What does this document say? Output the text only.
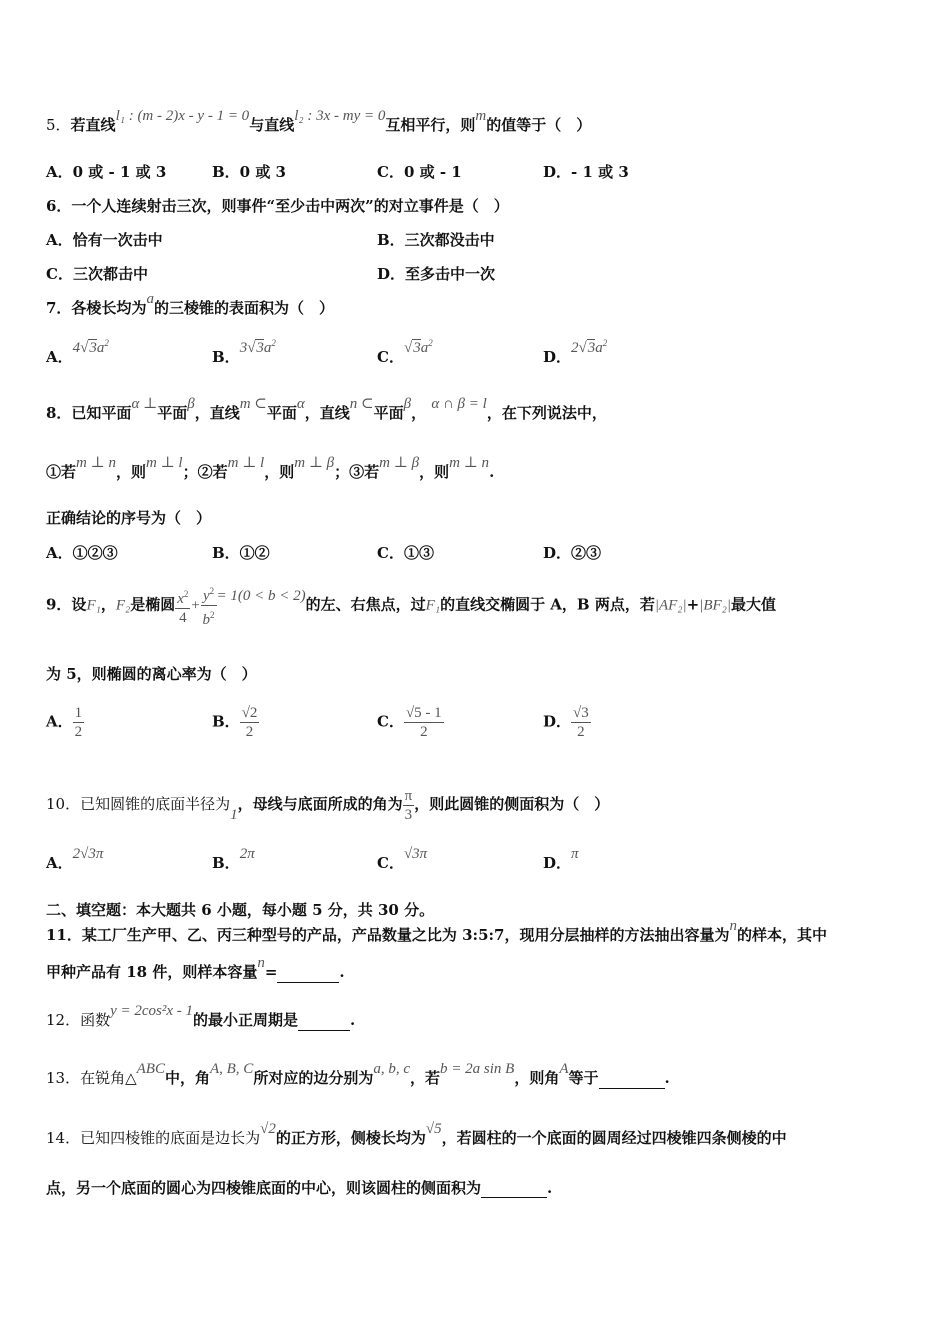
5．若直线l₁ : (m - 2)x - y - 1 = 0与直线l₂ : 3x - my = 0互相平行，则m的值等于（　）
A．0 或 - 1 或 3	B．0 或 3	C．0 或 - 1	D．- 1 或 3
6．一个人连续射击三次，则事件“至少击中两次”的对立事件是（　）
A．恰有一次击中	B．三次都没击中
C．三次都击中	D．至多击中一次
7．各棱长均为a的三棱锥的表面积为（　）
A．$4√3a^2$
B．$3√3a^2$
C．$√3a^2$
D．$2√3a^2$
8．已知平面α ⊥平面β，直线m ⊂平面α，直线n ⊂平面β， α ∩ β = l，在下列说法中，
①若m ⊥ n，则m ⊥ l；②若m ⊥ l，则m ⊥ β；③若m ⊥ β，则m ⊥ n.
正确结论的序号为（　）
A．①②③	B．①②	C．①③	D．②③
9．设F₁，F₂是椭圆 $\frac{x^2}{4} + \frac{y^2}{b^2} = 1(0 < b < 2)$的左、右焦点，过F₁的直线交椭圆于 A，B 两点，若|AF₂|+|BF₂|最大值
为 5，则椭圆的离心率为（　）
A． $\frac{1}{2}$	B． $\frac{√2}{2}$	C． $\frac{√5 - 1}{2}$	D． $\frac{√3}{2}$
10．已知圆锥的底面半径为1，母线与底面所成的角为 $\frac{\pi}{3}$ ，则此圆锥的侧面积为（　）
A．2√3π	B．2π	C．√3π	D．π
二、填空题：本大题共 6 小题，每小题 5 分，共 30 分。
11．某工厂生产甲、乙、丙三种型号的产品，产品数量之比为 3:5:7，现用分层抽样的方法抽出容量为n的样本，其中
甲种产品有 18 件，则样本容量n=	.
12．函数y = 2cos²x - 1的最小正周期是	.
13．在锐角△ABC中，角A, B, C所对应的边分别为a, b, c，若b = 2a sin B，则角A等于	.
14．已知四棱锥的底面是边长为√2的正方形，侧棱长均为√5，若圆柱的一个底面的圆周经过四棱锥四条侧棱的中
点，另一个底面的圆心为四棱锥底面的中心，则该圆柱的侧面积为	.
